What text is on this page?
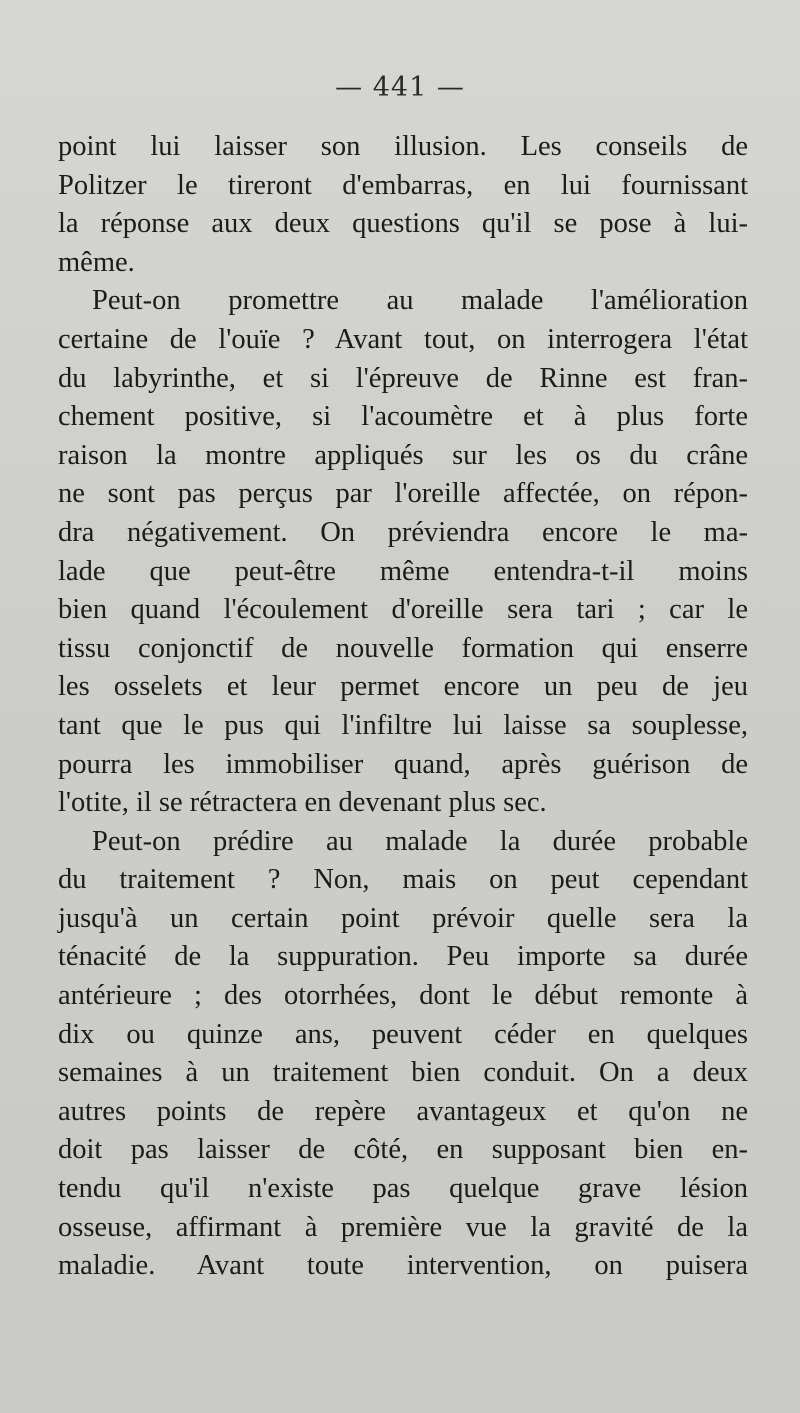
— 441 —
point lui laisser son illusion. Les conseils de
Politzer le tireront d'embarras, en lui fournissant
la réponse aux deux questions qu'il se pose à lui-
même.
Peut-on promettre au malade l'amélioration
certaine de l'ouïe ? Avant tout, on interrogera l'état
du labyrinthe, et si l'épreuve de Rinne est fran-
chement positive, si l'acoumètre et à plus forte
raison la montre appliqués sur les os du crâne
ne sont pas perçus par l'oreille affectée, on répon-
dra négativement. On préviendra encore le ma-
lade que peut-être même entendra-t-il moins
bien quand l'écoulement d'oreille sera tari ; car le
tissu conjonctif de nouvelle formation qui enserre
les osselets et leur permet encore un peu de jeu
tant que le pus qui l'infiltre lui laisse sa souplesse,
pourra les immobiliser quand, après guérison de
l'otite, il se rétractera en devenant plus sec.
Peut-on prédire au malade la durée probable
du traitement ? Non, mais on peut cependant
jusqu'à un certain point prévoir quelle sera la
ténacité de la suppuration. Peu importe sa durée
antérieure ; des otorrhées, dont le début remonte à
dix ou quinze ans, peuvent céder en quelques
semaines à un traitement bien conduit. On a deux
autres points de repère avantageux et qu'on ne
doit pas laisser de côté, en supposant bien en-
tendu qu'il n'existe pas quelque grave lésion
osseuse, affirmant à première vue la gravité de la
maladie. Avant toute intervention, on puisera
